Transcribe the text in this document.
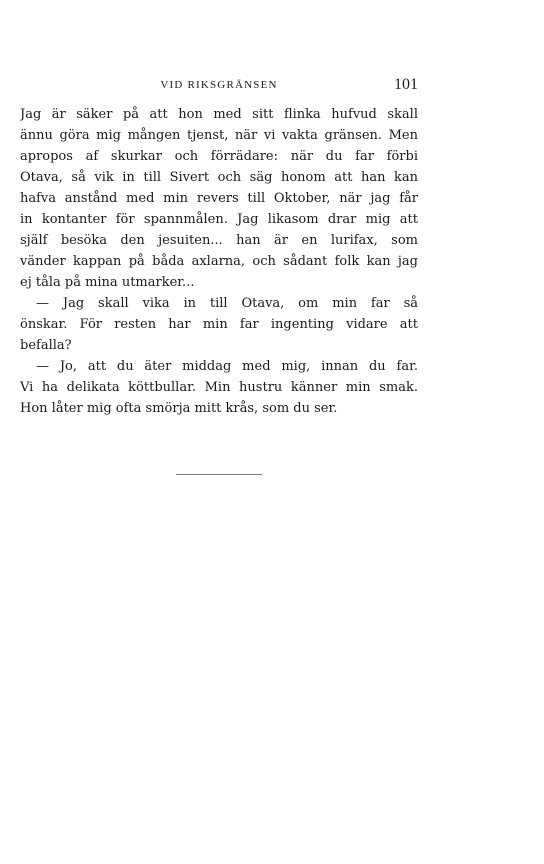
VID RIKSGRÄNSEN	101
Jag är säker på att hon med sitt flinka hufvud skall
ännu göra mig mången tjenst, när vi vakta gränsen. Men
apropos af skurkar och förrädare: när du far förbi
Otava, så vik in till Sivert och säg honom att han kan
hafva anstånd med min revers till Oktober, när jag får
in kontanter för spannmålen. Jag likasom drar mig att
själf besöka den jesuiten... han är en lurifax, som
vänder kappan på båda axlarna, och sådant folk kan jag
ej tåla på mina utmarker...
— Jag skall vika in till Otava, om min far så
önskar. För resten har min far ingenting vidare att
befalla?
— Jo, att du äter middag med mig, innan du far.
Vi ha delikata köttbullar. Min hustru känner min smak.
Hon låter mig ofta smörja mitt krås, som du ser.
